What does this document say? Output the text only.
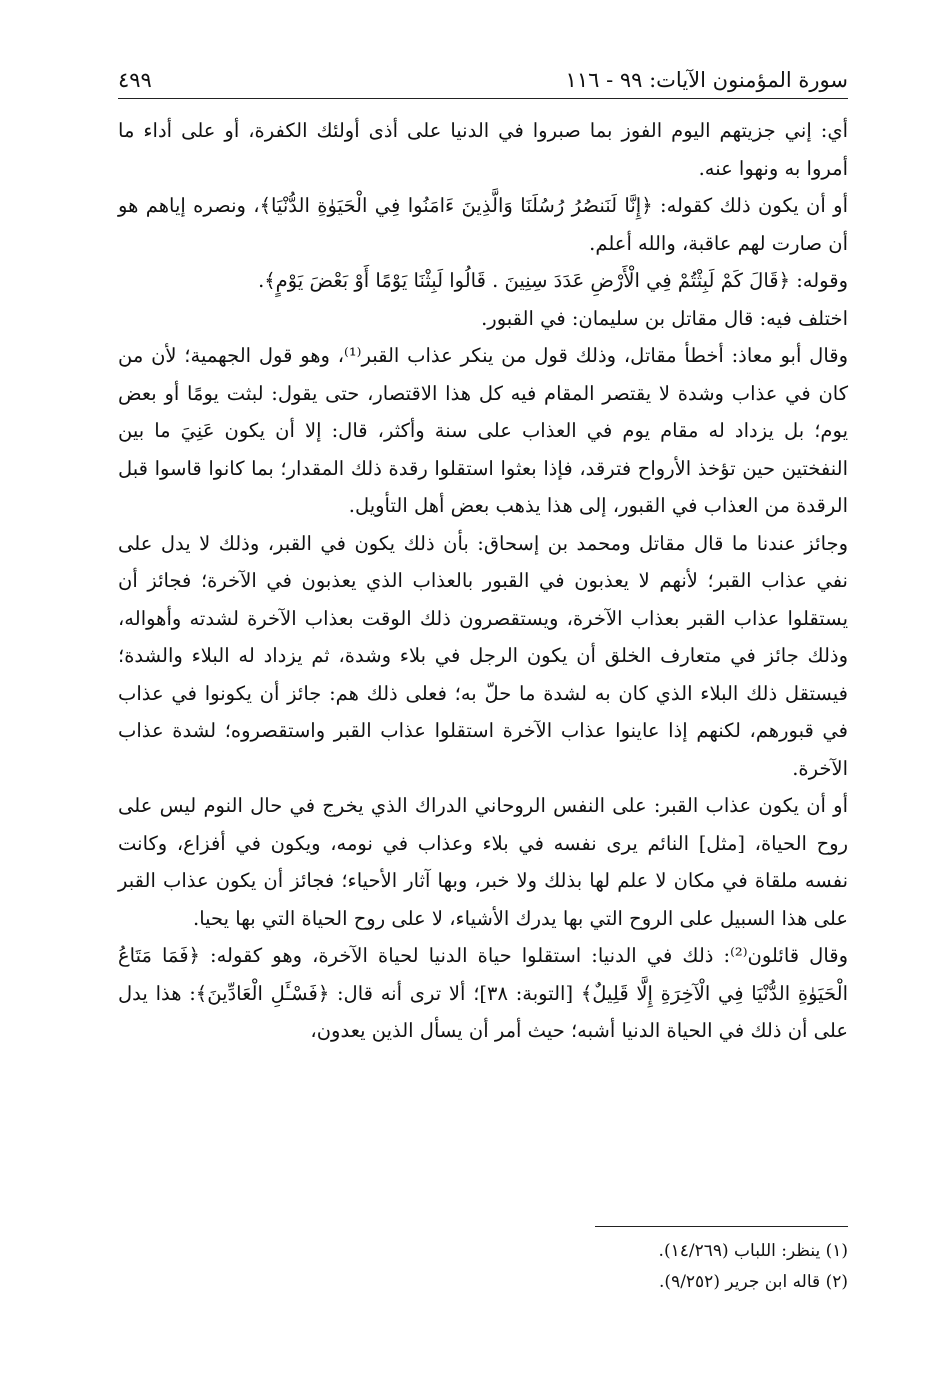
سورة المؤمنون الآيات: ٩٩ - ١١٦
٤٩٩

أي: إني جزيتهم اليوم الفوز بما صبروا في الدنيا على أذى أولئك الكفرة، أو على أداء ما أمروا به ونهوا عنه.

أو أن يكون ذلك كقوله: ﴿إِنَّا لَنَنصُرُ رُسُلَنَا وَالَّذِينَ ءَامَنُوا فِي الْحَيَوٰةِ الدُّنْيَا﴾، ونصره إياهم هو أن صارت لهم عاقبة، والله أعلم.

وقوله: ﴿قَالَ كَمْ لَبِثْتُمْ فِي الْأَرْضِ عَدَدَ سِنِينَ . قَالُوا لَبِثْنَا يَوْمًا أَوْ بَعْضَ يَوْمٍ﴾.

اختلف فيه: قال مقاتل بن سليمان: في القبور.

وقال أبو معاذ: أخطأ مقاتل، وذلك قول من ينكر عذاب القبر⁽¹⁾، وهو قول الجهمية؛ لأن من كان في عذاب وشدة لا يقتصر المقام فيه كل هذا الاقتصار، حتى يقول: لبثت يومًا أو بعض يوم؛ بل يزداد له مقام يوم في العذاب على سنة وأكثر، قال: إلا أن يكون عَنِيَ ما بين النفختين حين تؤخذ الأرواح فترقد، فإذا بعثوا استقلوا رقدة ذلك المقدار؛ بما كانوا قاسوا قبل الرقدة من العذاب في القبور، إلى هذا يذهب بعض أهل التأويل.

وجائز عندنا ما قال مقاتل ومحمد بن إسحاق: بأن ذلك يكون في القبر، وذلك لا يدل على نفي عذاب القبر؛ لأنهم لا يعذبون في القبور بالعذاب الذي يعذبون في الآخرة؛ فجائز أن يستقلوا عذاب القبر بعذاب الآخرة، ويستقصرون ذلك الوقت بعذاب الآخرة لشدته وأهواله، وذلك جائز في متعارف الخلق أن يكون الرجل في بلاء وشدة، ثم يزداد له البلاء والشدة؛ فيستقل ذلك البلاء الذي كان به لشدة ما حلّ به؛ فعلى ذلك هم: جائز أن يكونوا في عذاب في قبورهم، لكنهم إذا عاينوا عذاب الآخرة استقلوا عذاب القبر واستقصروه؛ لشدة عذاب الآخرة.

أو أن يكون عذاب القبر: على النفس الروحاني الدراك الذي يخرج في حال النوم ليس على روح الحياة، [مثل] النائم يرى نفسه في بلاء وعذاب في نومه، ويكون في أفزاع، وكانت نفسه ملقاة في مكان لا علم لها بذلك ولا خبر، وبها آثار الأحياء؛ فجائز أن يكون عذاب القبر على هذا السبيل على الروح التي بها يدرك الأشياء، لا على روح الحياة التي بها يحيا.

وقال قائلون⁽²⁾: ذلك في الدنيا: استقلوا حياة الدنيا لحياة الآخرة، وهو كقوله: ﴿فَمَا مَتَاعُ الْحَيَوٰةِ الدُّنْيَا فِي الْآخِرَةِ إِلَّا قَلِيلٌ﴾ [التوبة: ٣٨]؛ ألا ترى أنه قال: ﴿فَسْـَٔلِ الْعَادِّينَ﴾: هذا يدل على أن ذلك في الحياة الدنيا أشبه؛ حيث أمر أن يسأل الذين يعدون،

(١) ينظر: اللباب (١٤/٢٦٩).
(٢) قاله ابن جرير (٩/٢٥٢).
